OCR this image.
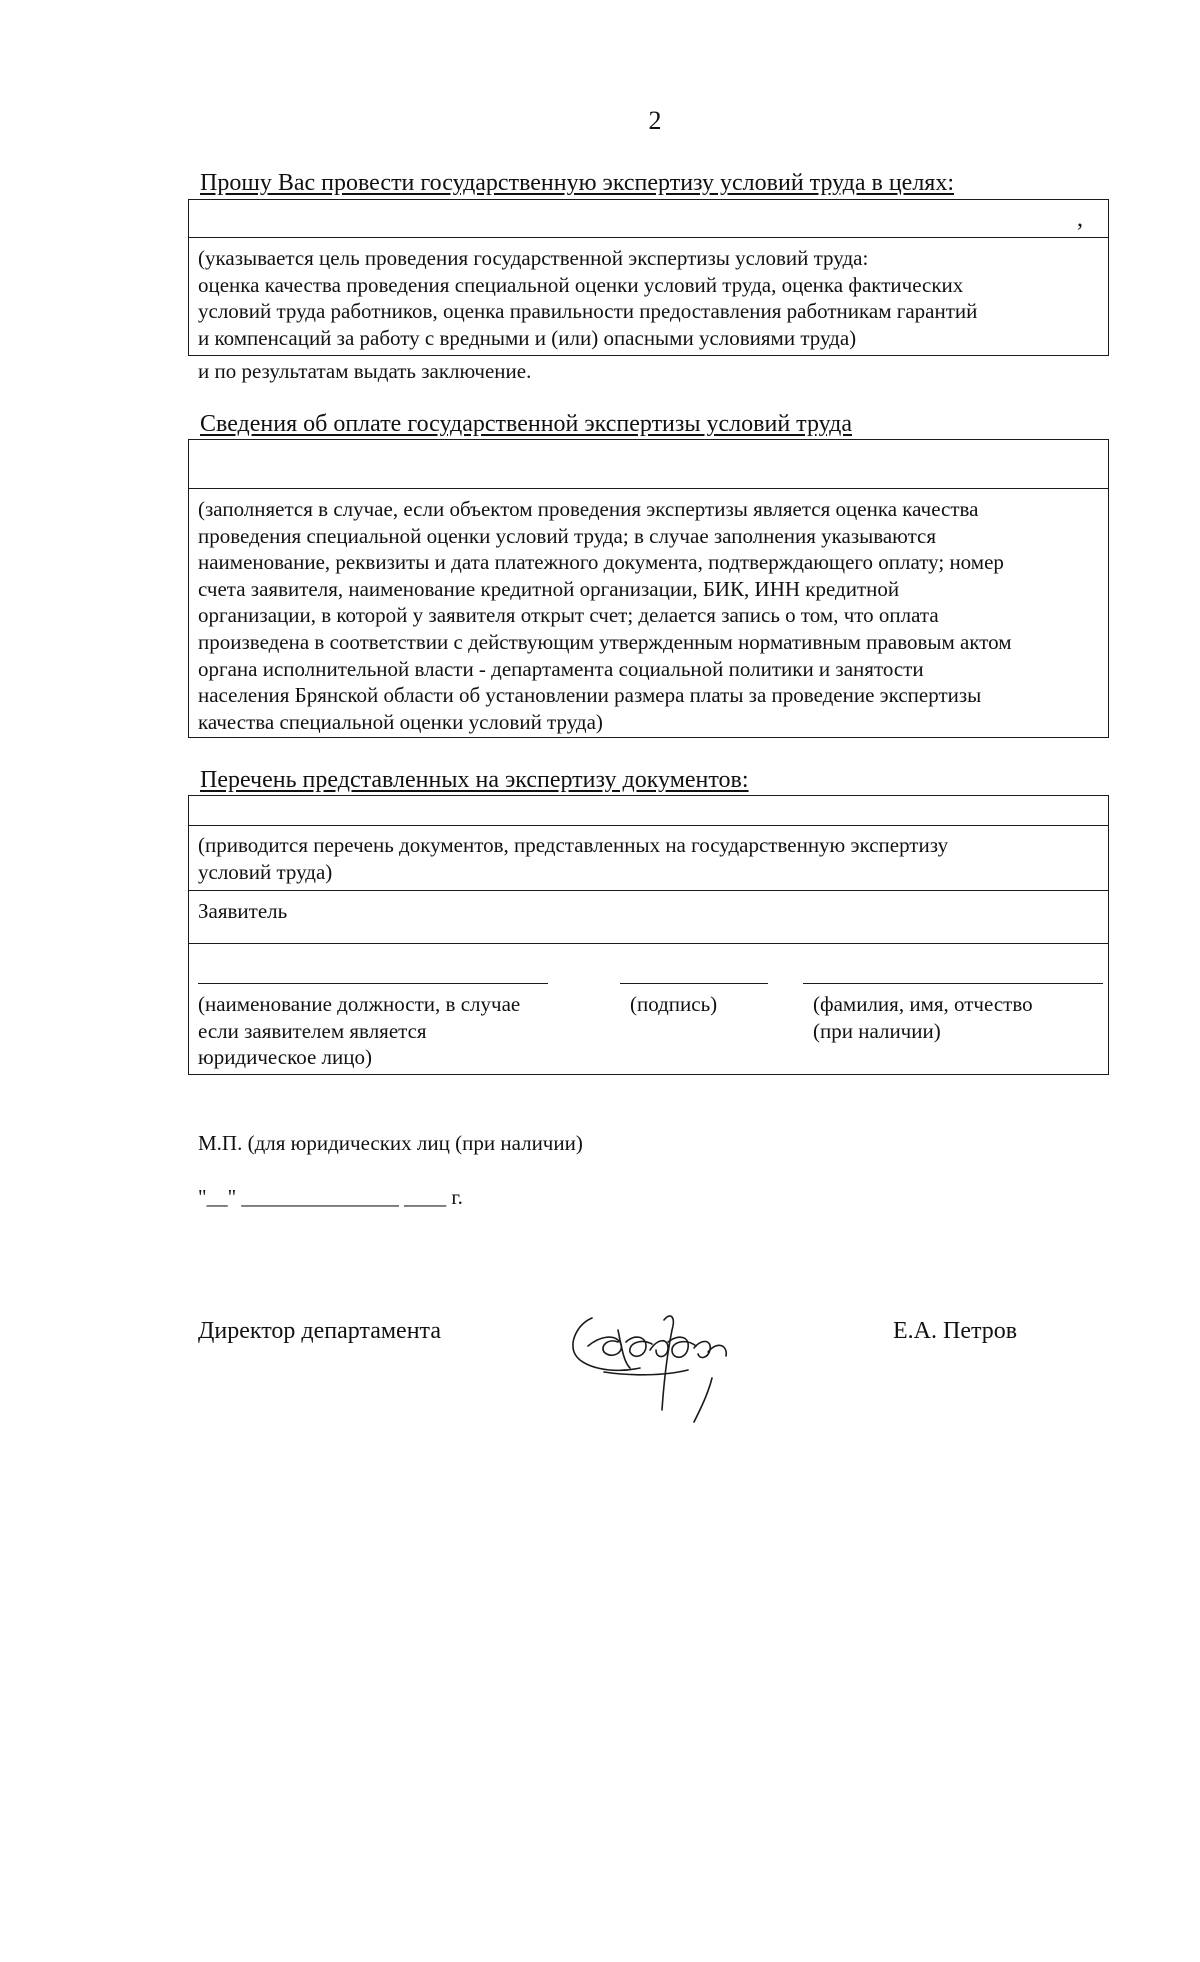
2
Прошу Вас провести государственную экспертизу условий труда в целях:
,
(указывается цель проведения государственной экспертизы условий труда:
оценка качества проведения специальной оценки условий труда, оценка фактических
условий труда работников, оценка правильности предоставления работникам гарантий
и компенсаций за работу с вредными и (или) опасными условиями труда)
и по результатам выдать заключение.
Сведения об оплате государственной экспертизы условий труда
(заполняется в случае, если объектом проведения экспертизы является оценка качества
проведения специальной оценки условий труда; в случае заполнения указываются
наименование, реквизиты и дата платежного документа, подтверждающего оплату; номер
счета заявителя, наименование кредитной организации, БИК, ИНН кредитной
организации, в которой у заявителя открыт счет; делается запись о том, что оплата
произведена в соответствии с действующим утвержденным нормативным правовым актом
органа исполнительной власти - департамента социальной политики и занятости
населения Брянской области об установлении размера платы за проведение экспертизы
качества специальной оценки условий труда)
Перечень представленных на экспертизу документов:
(приводится перечень документов, представленных на государственную экспертизу
условий труда)
Заявитель
(наименование должности, в случае
если заявителем является
юридическое лицо)
(подпись)	(фамилия, имя, отчество
(при наличии)
М.П. (для юридических лиц (при наличии)
"__" _______________ ____ г.
Директор департамента	Е.А. Петров
